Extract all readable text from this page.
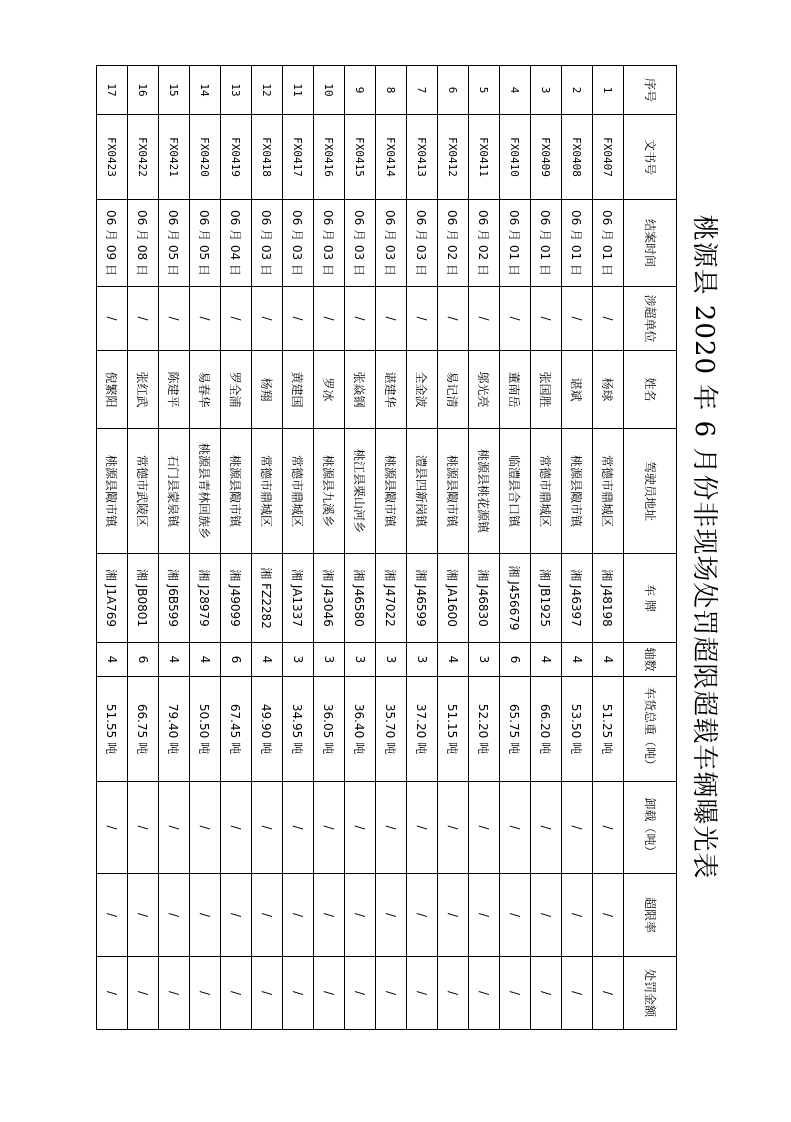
桃源县 2020 年 6 月份非现场处罚超限超载车辆曝光表
序号	文书号	结案时间	涉超单位	姓名	驾驶员地址	车 牌	轴数	车货总重（吨）	卸载（吨）	超限率	处罚金额
1	FX0407	06 月 01 日	/	杨球	常德市鼎城区	湘 J48198	4	51.25 吨	/	/	/
2	FX0408	06 月 01 日	/	谌斌	桃源县陬市镇	湘 J46397	4	53.50 吨	/	/	/
3	FX0409	06 月 01 日	/	张国胜	常德市鼎城区	湘 JB1925	4	66.20 吨	/	/	/
4	FX0410	06 月 01 日	/	董南岳	临澧县合口镇	湘 J456679	6	65.75 吨	/	/	/
5	FX0411	06 月 02 日	/	邬光亮	桃源县桃花源镇	湘 J46830	3	52.20 吨	/	/	/
6	FX0412	06 月 02 日	/	易记清	桃源县陬市镇	湘 JA1600	4	51.15 吨	/	/	/
7	FX0413	06 月 03 日	/	全金波	澧县四新岗镇	湘 J46599	3	37.20 吨	/	/	/
8	FX0414	06 月 03 日	/	谌建华	桃源县陬市镇	湘 J47022	3	35.70 吨	/	/	/
9	FX0415	06 月 03 日	/	张焱钢	桃江县栗山河乡	湘 J46580	3	36.40 吨	/	/	/
10	FX0416	06 月 03 日	/	罗冰	桃源县九溪乡	湘 J43046	3	36.05 吨	/	/	/
11	FX0417	06 月 03 日	/	黄建国	常德市鼎城区	湘 JA1337	3	34.95 吨	/	/	/
12	FX0418	06 月 03 日	/	杨翔	常德市鼎城区	湘 FZ2282	4	49.90 吨	/	/	/
13	FX0419	06 月 04 日	/	罗全浦	桃源县陬市镇	湘 J49099	6	67.45 吨	/	/	/
14	FX0420	06 月 05 日	/	易春华	桃源县青林回族乡	湘 J28979	4	50.50 吨	/	/	/
15	FX0421	06 月 05 日	/	陈建平	石门县蒙泉镇	湘 J6B599	4	79.40 吨	/	/	/
16	FX0422	06 月 08 日	/	张红武	常德市武陵区	湘 JB0801	6	66.75 吨	/	/	/
17	FX0423	06 月 09 日	/	倪繁阳	桃源县陬市镇	湘 J1A769	4	51.55 吨	/	/	/
